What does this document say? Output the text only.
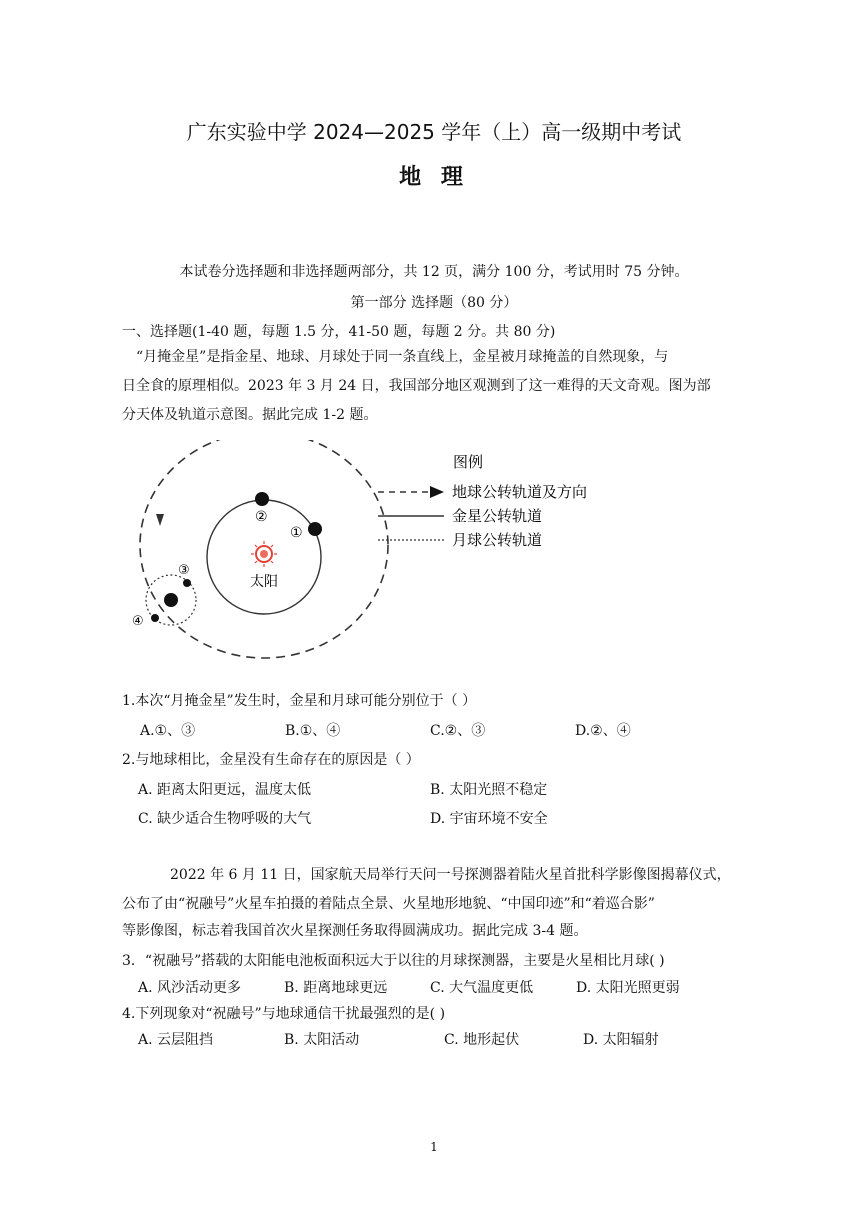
广东实验中学 2024—2025 学年（上）高一级期中考试
地 理
本试卷分选择题和非选择题两部分，共 12 页，满分 100 分，考试用时 75 分钟。
第一部分 选择题（80 分）
一、选择题(1-40 题，每题 1.5 分，41-50 题，每题 2 分。共 80 分)
“月掩金星”是指金星、地球、月球处于同一条直线上，金星被月球掩盖的自然现象，与
日全食的原理相似。2023 年 3 月 24 日，我国部分地区观测到了这一难得的天文奇观。图为部
分天体及轨道示意图。据此完成 1-2 题。
太阳
②
①
③
④
图例
地球公转轨道及方向
金星公转轨道
月球公转轨道
1.本次“月掩金星”发生时，金星和月球可能分别位于（ ）
A.①、③	B.①、④	C.②、③	D.②、④
2.与地球相比，金星没有生命存在的原因是（ ）
A. 距离太阳更远，温度太低	B. 太阳光照不稳定
C. 缺少适合生物呼吸的大气	D. 宇宙环境不安全
2022 年 6 月 11 日，国家航天局举行天问一号探测器着陆火星首批科学影像图揭幕仪式，
公布了由“祝融号”火星车拍摄的着陆点全景、火星地形地貌、“中国印迹”和“着巡合影”
等影像图，标志着我国首次火星探测任务取得圆满成功。据此完成 3-4 题。
3．“祝融号”搭载的太阳能电池板面积远大于以往的月球探测器，主要是火星相比月球( )
A. 风沙活动更多	B. 距离地球更远	C. 大气温度更低	D. 太阳光照更弱
4.下列现象对“祝融号”与地球通信干扰最强烈的是( )
A. 云层阻挡	B. 太阳活动	C. 地形起伏	D. 太阳辐射
1
